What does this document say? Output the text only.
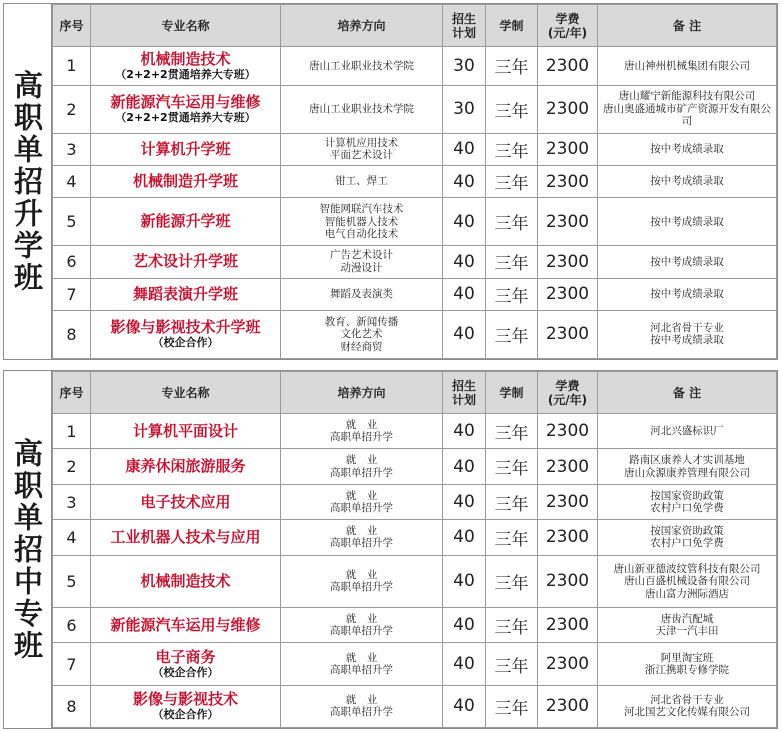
高职单招升学班
序号	专业名称	培养方向	招生
计划	学制	学费
(元/年)	备 注

1	机械制造技术
（2+2+2贯通培养大专班）	唐山工业职业技术学院	30	三年	2300	唐山神州机械集团有限公司

2	新能源汽车运用与维修
（2+2+2贯通培养大专班）	唐山工业职业技术学院	30	三年	2300	唐山耀宁新能源科技有限公司
唐山奥盛通城市矿产资源开发有限公司

3	计算机升学班	计算机应用技术
平面艺术设计	40	三年	2300	按中考成绩录取

4	机械制造升学班	钳工、焊工	40	三年	2300	按中考成绩录取

5	新能源升学班	智能网联汽车技术
智能机器人技术
电气自动化技术	40	三年	2300	按中考成绩录取

6	艺术设计升学班	广告艺术设计
动漫设计	40	三年	2300	按中考成绩录取

7	舞蹈表演升学班	舞蹈及表演类	40	三年	2300	按中考成绩录取

8	影像与影视技术升学班
（校企合作）	教育、新闻传播
文化艺术
财经商贸	40	三年	2300	河北省骨干专业
按中考成绩录取
高职单招中专班
序号	专业名称	培养方向	招生
计划	学制	学费
(元/年)	备 注

1	计算机平面设计	就　业
高职单招升学	40	三年	2300	河北兴盛标识厂

2	康养休闲旅游服务	就　业
高职单招升学	40	三年	2300	路南区康养人才实训基地
唐山众源康养管理有限公司

3	电子技术应用	就　业
高职单招升学	40	三年	2300	按国家资助政策
农村户口免学费

4	工业机器人技术与应用	就　业
高职单招升学	40	三年	2300	按国家资助政策
农村户口免学费

5	机械制造技术	就　业
高职单招升学	40	三年	2300	唐山新亚德波纹管科技有限公司
唐山百盛机械设备有限公司
唐山富力洲际酒店

6	新能源汽车运用与维修	就　业
高职单招升学	40	三年	2300	唐齿汽配城
天津一汽丰田

7	电子商务
（校企合作）	就　业
高职单招升学	40	三年	2300	阿里淘宝班
浙江携职专修学院

8	影像与影视技术
（校企合作）	就　业
高职单招升学	40	三年	2300	河北省骨干专业
河北国艺文化传媒有限公司
